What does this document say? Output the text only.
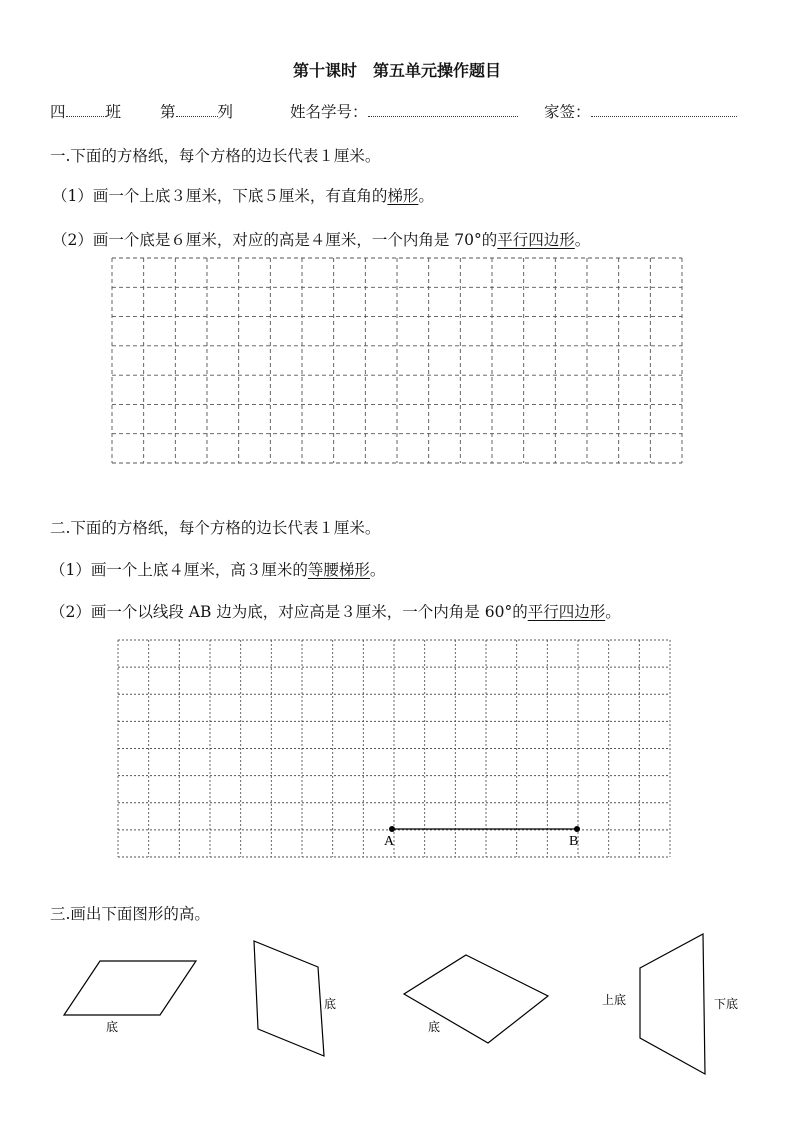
第十课时　第五单元操作题目
四	班	第	列	姓名学号：	家签：
一.下面的方格纸，每个方格的边长代表１厘米。
（1）画一个上底３厘米，下底５厘米，有直角的梯形。
（2）画一个底是６厘米，对应的高是４厘米，一个内角是 70°的平行四边形。
二.下面的方格纸，每个方格的边长代表１厘米。
（1）画一个上底４厘米，高３厘米的等腰梯形。
（2）画一个以线段 AB 边为底，对应高是３厘米，一个内角是 60°的平行四边形。
三.画出下面图形的高。
A	B
底
底
底
上底	下底
